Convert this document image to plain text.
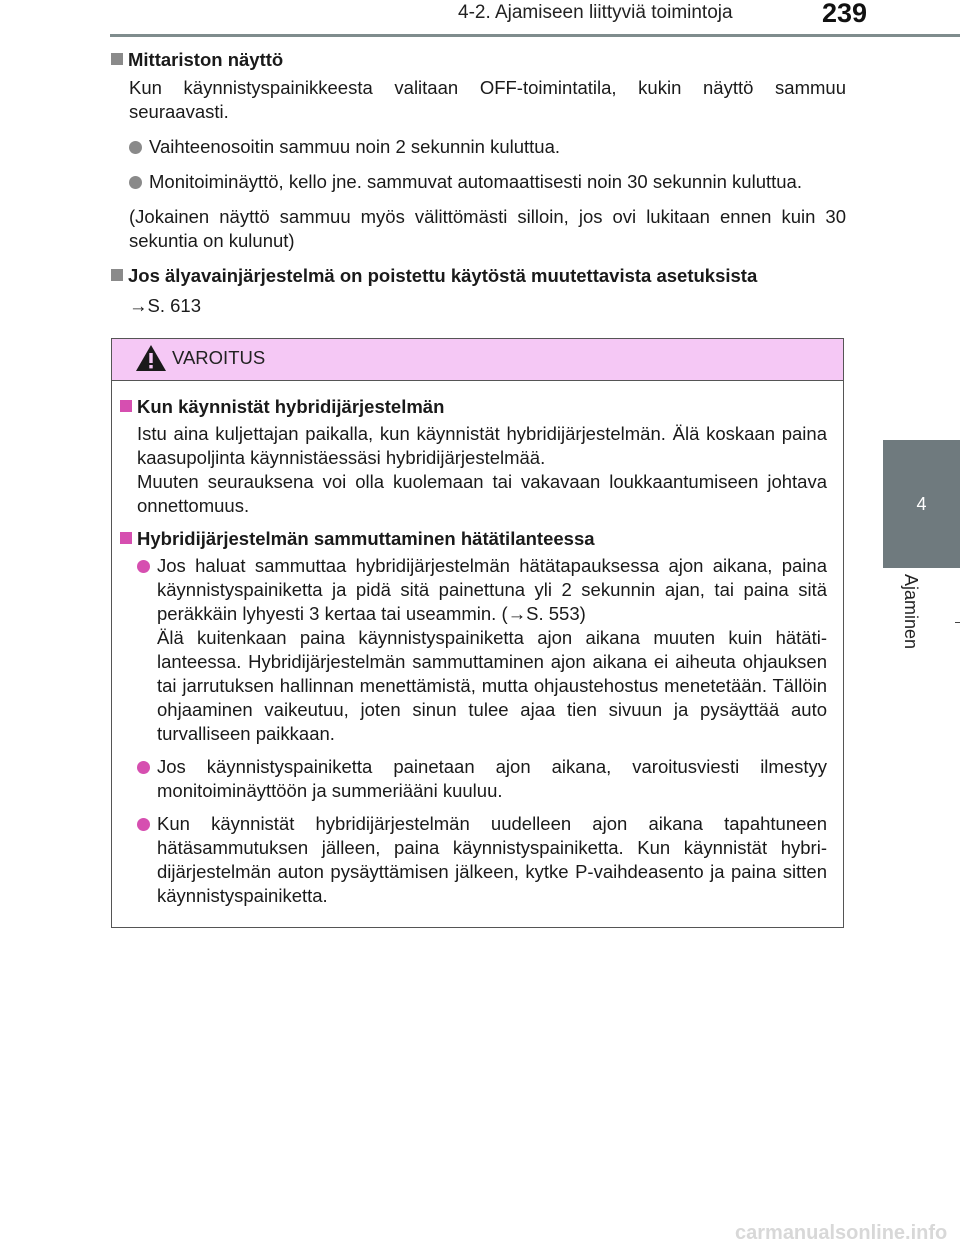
4-2. Ajamiseen liittyviä toimintoja	239
4
Ajaminen
Mittariston näyttö
Kun käynnistyspainikkeesta valitaan OFF-toimintatila, kukin näyttö sammuu seuraavasti.
Vaihteenosoitin sammuu noin 2 sekunnin kuluttua.
Monitoiminäyttö, kello jne. sammuvat automaattisesti noin 30 sekunnin kuluttua.
(Jokainen näyttö sammuu myös välittömästi silloin, jos ovi lukitaan ennen kuin 30 sekuntia on kulunut)
Jos älyavainjärjestelmä on poistettu käytöstä muutettavista asetuksista
→S. 613
VAROITUS
Kun käynnistät hybridijärjestelmän
Istu aina kuljettajan paikalla, kun käynnistät hybridijärjestelmän. Älä koskaan paina kaasupoljinta käynnistäessäsi hybridijärjestelmää.
Muuten seurauksena voi olla kuolemaan tai vakavaan loukkaantumiseen johtava onnettomuus.
Hybridijärjestelmän sammuttaminen hätätilanteessa
Jos haluat sammuttaa hybridijärjestelmän hätätapauksessa ajon aikana, paina käynnistyspainiketta ja pidä sitä painettuna yli 2 sekunnin ajan, tai paina sitä peräkkäin lyhyesti 3 kertaa tai useammin. (→S. 553)
Älä kuitenkaan paina käynnistyspainiketta ajon aikana muuten kuin hätäti-lanteessa. Hybridijärjestelmän sammuttaminen ajon aikana ei aiheuta ohjauksen tai jarrutuksen hallinnan menettämistä, mutta ohjaustehostus menetetään. Tällöin ohjaaminen vaikeutuu, joten sinun tulee ajaa tien sivuun ja pysäyttää auto turvalliseen paikkaan.
Jos käynnistyspainiketta painetaan ajon aikana, varoitusviesti ilmestyy monitoiminäyttöön ja summeriääni kuuluu.
Kun käynnistät hybridijärjestelmän uudelleen ajon aikana tapahtuneen hätäsammutuksen jälleen, paina käynnistyspainiketta. Kun käynnistät hybri-dijärjestelmän auton pysäyttämisen jälkeen, kytke P-vaihdeasento ja paina sitten käynnistyspainiketta.
carmanualsonline.info
